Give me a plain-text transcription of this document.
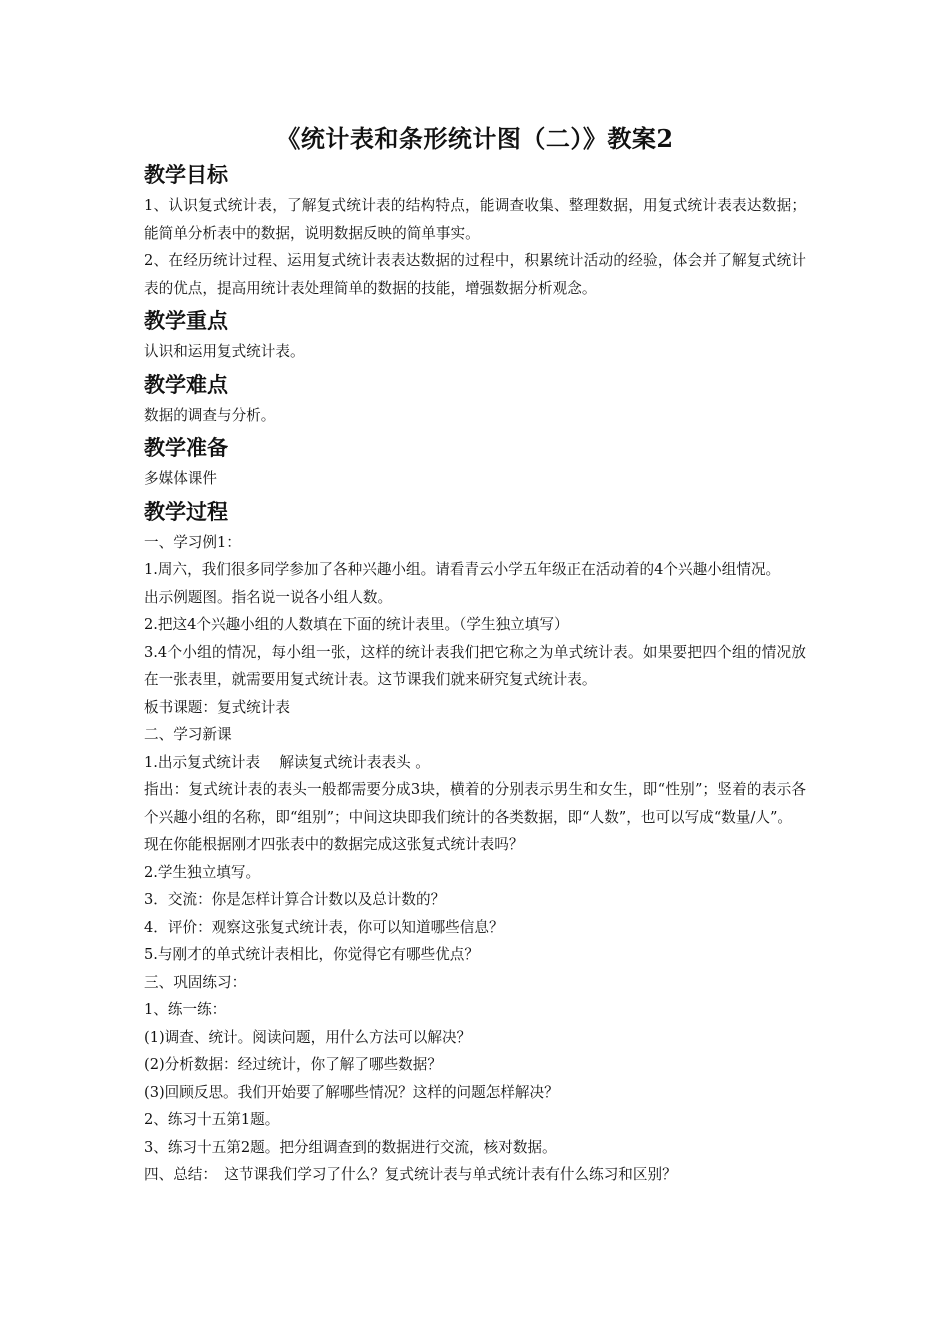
《统计表和条形统计图（二）》教案2
教学目标

1、认识复式统计表，了解复式统计表的结构特点，能调查收集、整理数据，用复式统计表表达数据；能简单分析表中的数据，说明数据反映的简单事实。

2、在经历统计过程、运用复式统计表表达数据的过程中，积累统计活动的经验，体会并了解复式统计表的优点，提高用统计表处理简单的数据的技能，增强数据分析观念。

教学重点

认识和运用复式统计表。

教学难点

数据的调查与分析。

教学准备

多媒体课件

教学过程

一、学习例1：

1.周六，我们很多同学参加了各种兴趣小组。请看青云小学五年级正在活动着的4个兴趣小组情况。

出示例题图。指名说一说各小组人数。

2.把这4个兴趣小组的人数填在下面的统计表里。（学生独立填写）

3.4个小组的情况，每小组一张，这样的统计表我们把它称之为单式统计表。如果要把四个组的情况放在一张表里，就需要用复式统计表。这节课我们就来研究复式统计表。

板书课题：复式统计表

二、学习新课

1.出示复式统计表　 解读复式统计表表头 。

指出：复式统计表的表头一般都需要分成3块，横着的分别表示男生和女生，即“性别”；竖着的表示各个兴趣小组的名称，即“组别”；中间这块即我们统计的各类数据，即“人数”，也可以写成“数量/人”。

现在你能根据刚才四张表中的数据完成这张复式统计表吗？

2.学生独立填写。

3．交流：你是怎样计算合计数以及总计数的？

4．评价：观察这张复式统计表，你可以知道哪些信息？

5.与刚才的单式统计表相比，你觉得它有哪些优点？

三、巩固练习：

1、练一练：

(1)调查、统计。阅读问题，用什么方法可以解决？

(2)分析数据：经过统计，你了解了哪些数据？

(3)回顾反思。我们开始要了解哪些情况？这样的问题怎样解决？

2、练习十五第1题。

3、练习十五第2题。把分组调查到的数据进行交流，核对数据。

四、总结：　这节课我们学习了什么？复式统计表与单式统计表有什么练习和区别？
